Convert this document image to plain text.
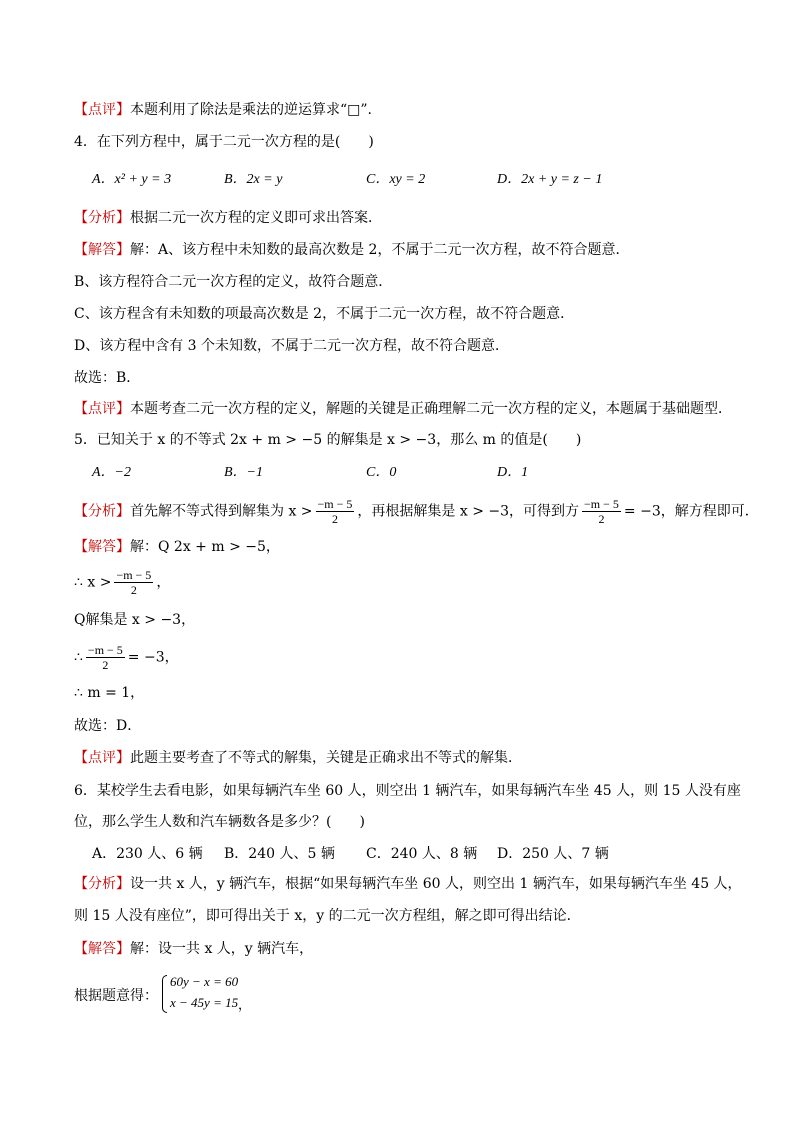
【点评】本题利用了除法是乘法的逆运算求“□”.
4．在下列方程中，属于二元一次方程的是(　　)
A．x² + y = 3	B．2x = y	C．xy = 2	D．2x + y = z − 1
【分析】根据二元一次方程的定义即可求出答案．
【解答】解：A、该方程中未知数的最高次数是 2，不属于二元一次方程，故不符合题意．
B、该方程符合二元一次方程的定义，故符合题意．
C、该方程含有未知数的项最高次数是 2，不属于二元一次方程，故不符合题意．
D、该方程中含有 3 个未知数，不属于二元一次方程，故不符合题意．
故选：B．
【点评】本题考查二元一次方程的定义，解题的关键是正确理解二元一次方程的定义，本题属于基础题型．
5．已知关于 x 的不等式 2x + m > −5 的解集是 x > −3，那么 m 的值是(　　)
A．−2	B．−1	C．0	D．1
【分析】首先解不等式得到解集为 $x > \frac{-m - 5}{2}$ ，再根据解集是 x > −3，可得到方 $\frac{-m - 5}{2} = -3$，解方程即可．
【解答】解：Q 2x + m > −5，
∴ $x > \frac{-m - 5}{2}$ ，
Q解集是 x > −3，
∴ $\frac{-m - 5}{2} = -3$，
∴ m = 1，
故选：D．
【点评】此题主要考查了不等式的解集，关键是正确求出不等式的解集．
6．某校学生去看电影，如果每辆汽车坐 60 人，则空出 1 辆汽车，如果每辆汽车坐 45 人，则 15 人没有座
位，那么学生人数和汽车辆数各是多少？(　　)
A．230 人、6 辆 B．240 人、5 辆 C．240 人、8 辆 D．250 人、7 辆
【分析】设一共 x 人，y 辆汽车，根据“如果每辆汽车坐 60 人，则空出 1 辆汽车，如果每辆汽车坐 45 人，
则 15 人没有座位”，即可得出关于 x，y 的二元一次方程组，解之即可得出结论．
【解答】解：设一共 x 人，y 辆汽车，
根据题意得：
60y − x = 60
x − 45y = 15 ，
